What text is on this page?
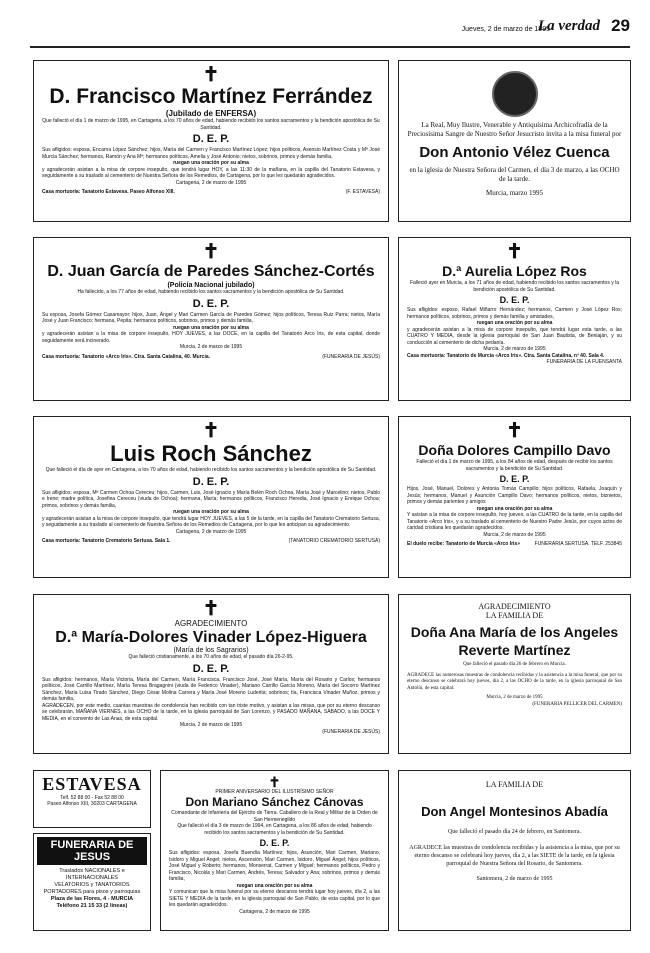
Jueves, 2 de marzo de 1995
La verdad 29
✝
D. Francisco Martínez Ferrández
(Jubilado de ENFERSA)
Que falleció el día 1 de marzo de 1995, en Cartagena, a los 70 años de edad, habiendo recibido los santos sacramentos y la bendición apostólica de Su Santidad.
D. E. P.
Sus afligidos: esposa, Encarna López Sánchez; hijos, María del Carmen y Francisco Martínez López; hijos políticos, Asensio Martínez Costa y Mª José Murcia Sánchez; hermanos, Ramón y Ana Mª; hermanos políticos, Amelia y José Antonio; nietos, sobrinos, primos y demás familia,
ruegan una oración por su alma
y agradecerán asistan a la misa de corpore insepulto, que tendrá lugar HOY, a las 11:30 de la mañana, en la capilla del Tanatorio Estavesa, y seguidamente a su traslado al cementerio de Nuestra Señora de los Remedios, de Cartagena, por lo que les quedarán agradecidos.
Cartagena, 2 de marzo de 1995
Casa mortuoria: Tanatorio Estavesa. Paseo Alfonso XIII.	(F. ESTAVESA)
La Real, Muy Ilustre, Venerable y Antiquísima Archicofradía de la Preciosísima Sangre de Nuestro Señor Jesucristo invita a la misa funeral por
Don Antonio Vélez Cuenca
en la iglesia de Nuestra Señora del Carmen, el día 3 de marzo, a las OCHO de la tarde.
Murcia, marzo 1995
✝
D. Juan García de Paredes Sánchez-Cortés
(Policía Nacional jubilado)
Ha fallecido, a los 77 años de edad, habiendo recibido los santos sacramentos y la bendición apostólica de Su Santidad.
D. E. P.
Su esposa, Josefa Gómez Casamayor; hijos, Juan, Ángel y Mari Carmen García de Paredes Gómez; hijos políticos, Teresa Ruiz Parra; nietos, María José y Juan Francisco; hermana, Pepita; hermanos políticos, sobrinos, primos y demás familia,
ruegan una oración por su alma
y agradecerán asistan a la misa de corpore insepulto, HOY JUEVES, a las DOCE, en la capilla del Tanatorio Arco Iris, de esta capital, donde seguidamente será incinerado.
Murcia, 2 de marzo de 1995
Casa mortuoria: Tanatorio «Arco Iris». Ctra. Santa Catalina, 40. Murcia.	(FUNERARIA DE JESÚS)
✝
D.ª Aurelia López Ros
Falleció ayer en Murcia, a los 71 años de edad, habiendo recibido los santos sacramentos y la bendición apostólica de Su Santidad.
D. E. P.
Sus afligidos: esposo, Rafael Miñarro Hernández; hermanos, Carmen y José López Ros; hermanos políticos, sobrinos, primos y demás familia y amistades,
ruegan una oración por su alma
y agradecerán asistan a la misa de corpore insepulto, que tendrá lugar esta tarde, a las CUATRO Y MEDIA, desde la iglesia parroquial de San Juan Bautista, de Beniaján, y su conducción al cementerio de dicha pedanía.
Murcia, 2 de marzo de 1995
Casa mortuoria: Tanatorio de Murcia «Arco Iris». Ctra. Santa Catalina, nº 40. Sala 4.
FUNERARIA DE LA FUENSANTA
✝
Luis Roch Sánchez
Que falleció el día de ayer en Cartagena, a los 70 años de edad, habiendo recibido los santos sacramentos y la bendición apostólica de Su Santidad.
D. E. P.
Sus afligidos: esposa, Mª Carmen Ochoa Cereceu; hijos, Carmen, Luis, José Ignacio y María Belén Roch Ochoa, María José y Marcelino; nietos, Pablo e Irene; madre política, Josefina Cereceu (viuda de Ochoa); hermana, María; hermanos políticos, Francisco Heredia, José Ignacio y Enrique Ochoa; primos, sobrinos y demás familia,
ruegan una oración por su alma
y agradecerán asistan a la misa de corpore insepulto, que tendrá lugar HOY JUEVES, a las 5 de la tarde, en la capilla del Tanatorio Crematorio Sertusa, y seguidamente a su traslado al cementerio de Nuestra Señora de los Remedios de Cartagena, por lo que les anticipan su agradecimiento.
Cartagena, 2 de marzo de 1995
Casa mortuoria: Tanatorio Crematorio Sertusa. Sala 1.	(TANATORIO CREMATORIO SERTUSA)
✝
Doña Dolores Campillo Davo
Falleció el día 1 de marzo de 1995, a los 84 años de edad, después de recibir los santos sacramentos y la bendición de Su Santidad.
D. E. P.
Hijos, José, Manuel, Dolores y Antonia Tomás Campillo; hijos políticos, Rafaela, Joaquín y Jesús; hermanos, Manuel y Asunción Campillo Davo; hermanos políticos, nietos, biznietos, primos y demás parientes y amigos
ruegan una oración por su alma
Y asistan a la misa de corpore insepulto, hoy jueves, a las CUATRO de la tarde, en la capilla del Tanatorio «Arco Iris», y a su traslado al cementerio de Nuestro Padre Jesús, por cuyos actos de caridad cristiana les quedarán agradecidos.
Murcia, 2 de marzo de 1995
El duelo recibe: Tanatorio de Murcia «Arco Iris»	FUNERARIA SERTUSA. TELF. 253845
✝
AGRADECIMIENTO
D.ª María-Dolores Vinader López-Higuera
(María de los Sagrarios)
Que falleció cristianamente, a los 70 años de edad, el pasado día 26-2-95.
D. E. P.
Sus afligidos: hermanos, María Victoria, María del Carmen, María Francisca, Francisco José, José María, María del Rosario y Carlos; hermanos políticos, José Carrillo Martínez, María Teresa Bragagnini (viuda de Federico Vinader), Mariano Carrillo García Moreno, María del Socorro Martínez Sánchez, María Luisa Tirado Sánchez, Diego César Molina Carrera y María José Moreno Luderita; sobrinos; tía, Francisca Vinader Muñoz, primos y demás familia,
AGRADECEN, por este medio, cuantas muestras de condolencia han recibido con tan triste motivo, y asistan a las misas, que por su eterno descanso se celebrarán, MAÑANA VIERNES, a las OCHO de la tarde, en la iglesia parroquial de San Lorenzo, y PASADO MAÑANA, SÁBADO, a las DOCE Y MEDIA, en el convento de Las Anas, de esta capital.
Murcia, 2 de marzo de 1995
(FUNERARIA DE JESÚS)
AGRADECIMIENTO
LA FAMILIA DE
Doña Ana María de los Angeles Reverte Martínez
Que falleció el pasado día 26 de febrero en Murcia.
AGRADECE las numerosas muestras de condolencia recibidas y la asistencia a la misa funeral, que por su eterno descanso se celebrará hoy jueves, día 2, a las OCHO de la tarde, en la iglesia parroquial de San Antolín, de esta capital.
Murcia, 2 de marzo de 1995
(FUNERARIA PELLICER DEL CARMEN)
ESTAVESA
Telf. 52 88 00 - Fax 52 88 00
Paseo Alfonso XIII, 30203 CARTAGENA
FUNERARIA DE JESUS
Traslados NACIONALES e INTERNACIONALES
VELATORIOS y TANATORIOS
PORTADORES para pisos y parroquias
Plaza de las Flores, 4 - MURCIA
Teléfono 21 15 33 (2 líneas)
✝
PRIMER ANIVERSARIO DEL ILUSTRÍSIMO SEÑOR
Don Mariano Sánchez Cánovas
Comandante de Infantería del Ejército de Tierra. Caballero de la Real y Militar de la Orden de San Hermenegildo
Que falleció el día 3 de marzo de 1994, en Cartagena, a los 86 años de edad, habiendo recibido los santos sacramentos y la bendición de Su Santidad.
D. E. P.
Sus afligidos: esposa, Josefa Buendía Martínez; hijos, Asunción, Mari Carmen, Mariano, Isidoro y Miguel Angel; nietos, Ascensión, Mari Carmen, Isidoro, Miguel Ángel; hijos políticos, José Miguel y Roberto; hermanos, Monserrat, Carmen y Miguel; hermanos políticos, Pedro y Francisco, Nicolás y Mari Carmen, Andrés, Teresa; Salvador y Ana; sobrinos, primos y demás familia,
ruegan una oración por su alma
Y comunican que la misa funeral por su eterno descanso tendrá lugar hoy jueves, día 2, a las SIETE Y MEDIA de la tarde, en la iglesia parroquial de San Pablo, de esta capital, por lo que les quedarán agradecidos.
Cartagena, 2 de marzo de 1995
LA FAMILIA DE
Don Angel Montesinos Abadía
Que falleció el pasado día 24 de febrero, en Santomera.
AGRADECE las muestras de condolencia recibidas y la asistencia a la misa, que por su eterno descanso se celebrará hoy jueves, día 2, a las SIETE de la tarde, en la iglesia parroquial de Nuestra Señora del Rosario, de Santomera.
Santomera, 2 de marzo de 1995
